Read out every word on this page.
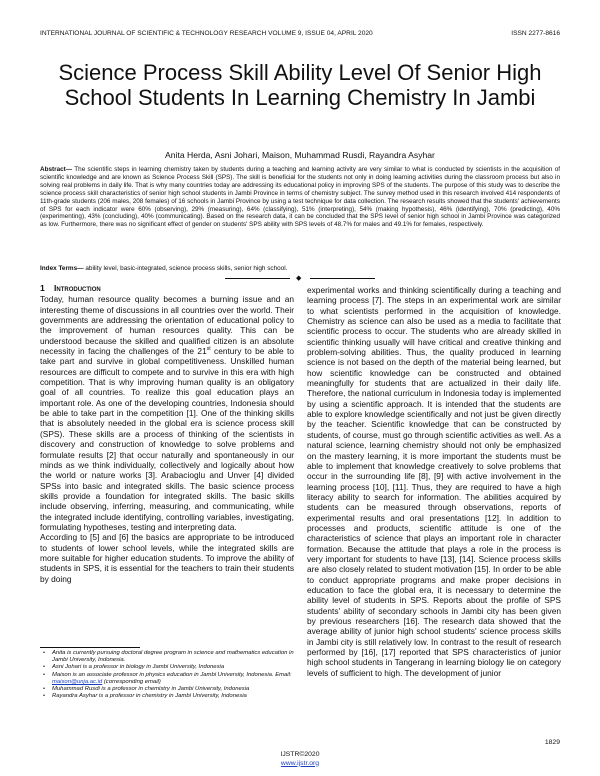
INTERNATIONAL JOURNAL OF SCIENTIFIC & TECHNOLOGY RESEARCH VOLUME 9, ISSUE 04, APRIL 2020	ISSN 2277-8616
Science Process Skill Ability Level Of Senior High School Students In Learning Chemistry In Jambi
Anita Herda, Asni Johari, Maison, Muhammad Rusdi, Rayandra Asyhar
Abstract— The scientific steps in learning chemistry taken by students during a teaching and learning activity are very similar to what is conducted by scientists in the acquisition of scientific knowledge and are known as Science Process Skill (SPS). The skill is beneficial for the students not only in doing learning activities during the classroom process but also in solving real problems in daily life. That is why many countries today are addressing its educational policy in improving SPS of the students. The purpose of this study was to describe the science process skill characteristics of senior high school students in Jambi Province in terms of chemistry subject. The survey method used in this research involved 414 respondents of 11th-grade students (206 males, 208 females) of 16 schools in Jambi Province by using a test technique for data collection. The research results showed that the students' achievements of SPS for each indicator were 60% (observing), 29% (measuring), 64% (classifying), 51% (interpreting), 54% (making hypothesis), 46% (identifying), 70% (predicting), 40% (experimenting), 43% (concluding), 40% (communicating). Based on the research data, it can be concluded that the SPS level of senior high school in Jambi Province was categorized as low. Furthermore, there was no significant effect of gender on students' SPS ability with SPS levels of 48.7% for males and 49.1% for females, respectively.
Index Terms— ability level, basic-integrated, science process skills, senior high school.
◆
1 Introduction

Today, human resource quality becomes a burning issue and an interesting theme of discussions in all countries over the world. Their governments are addressing the orientation of educational policy to the improvement of human resources quality. This can be understood because the skilled and qualified citizen is an absolute necessity in facing the challenges of the 21st century to be able to take part and survive in global competitiveness. Unskilled human resources are difficult to compete and to survive in this era with high competition. That is why improving human quality is an obligatory goal of all countries. To realize this goal education plays an important role. As one of the developing countries, Indonesia should be able to take part in the competition [1]. One of the thinking skills that is absolutely needed in the global era is science process skill (SPS). These skills are a process of thinking of the scientists in discovery and construction of knowledge to solve problems and formulate results [2] that occur naturally and spontaneously in our minds as we think individually, collectively and logically about how the world or nature works [3]. Arabacioglu and Unver [4] divided SPSs into basic and integrated skills. The basic science process skills provide a foundation for integrated skills. The basic skills include observing, inferring, measuring, and communicating, while the integrated include identifying, controlling variables, investigating, formulating hypotheses, testing and interpreting data.

According to [5] and [6] the basics are appropriate to be introduced to students of lower school levels, while the integrated skills are more suitable for higher education students. To improve the ability of students in SPS, it is essential for the teachers to train their students by doing

experimental works and thinking scientifically during a teaching and learning process [7]. The steps in an experimental work are similar to what scientists performed in the acquisition of knowledge. Chemistry as science can also be used as a media to facilitate that scientific process to occur. The students who are already skilled in scientific thinking usually will have critical and creative thinking and problem-solving abilities. Thus, the quality produced in learning science is not based on the depth of the material being learned, but how scientific knowledge can be constructed and obtained meaningfully for students that are actualized in their daily life. Therefore, the national curriculum in Indonesia today is implemented by using a scientific approach. It is intended that the students are able to explore knowledge scientifically and not just be given directly by the teacher. Scientific knowledge that can be constructed by students, of course, must go through scientific activities as well. As a natural science, learning chemistry should not only be emphasized on the mastery learning, it is more important the students must be able to implement that knowledge creatively to solve problems that occur in the surrounding life [8], [9] with active involvement in the learning process [10], [11]. Thus, they are required to have a high literacy ability to search for information. The abilities acquired by students can be measured through observations, reports of experimental results and oral presentations [12]. In addition to processes and products, scientific attitude is one of the characteristics of science that plays an important role in character formation. Because the attitude that plays a role in the process is very important for students to have [13], [14]. Science process skills are also closely related to student motivation [15]. In order to be able to conduct appropriate programs and make proper decisions in education to face the global era, it is necessary to determine the ability level of students in SPS. Reports about the profile of SPS students' ability of secondary schools in Jambi city has been given by previous researchers [16]. The research data showed that the average ability of junior high school students' science process skills in Jambi city is still relatively low. In contrast to the result of research performed by [16], [17] reported that SPS characteristics of junior high school students in Tangerang in learning biology lie on category levels of sufficient to high. The development of junior

• Anita is currently pursuing doctoral degree program in science and mathematics education in Jambi University, Indonesia.
• Asni Johari is a professor in biology in Jambi University, Indonesia
• Maison is an associate professor in physics education in Jambi University, Indonesia. Email: maison@unja.ac.id (corresponding email)
• Muhammad Rusdi is a professor in chemistry in Jambi University, Indonesia
• Rayandra Asyhar is a professor in chemistry in Jambi University, Indonesia
1829
IJSTR©2020
www.ijstr.org
